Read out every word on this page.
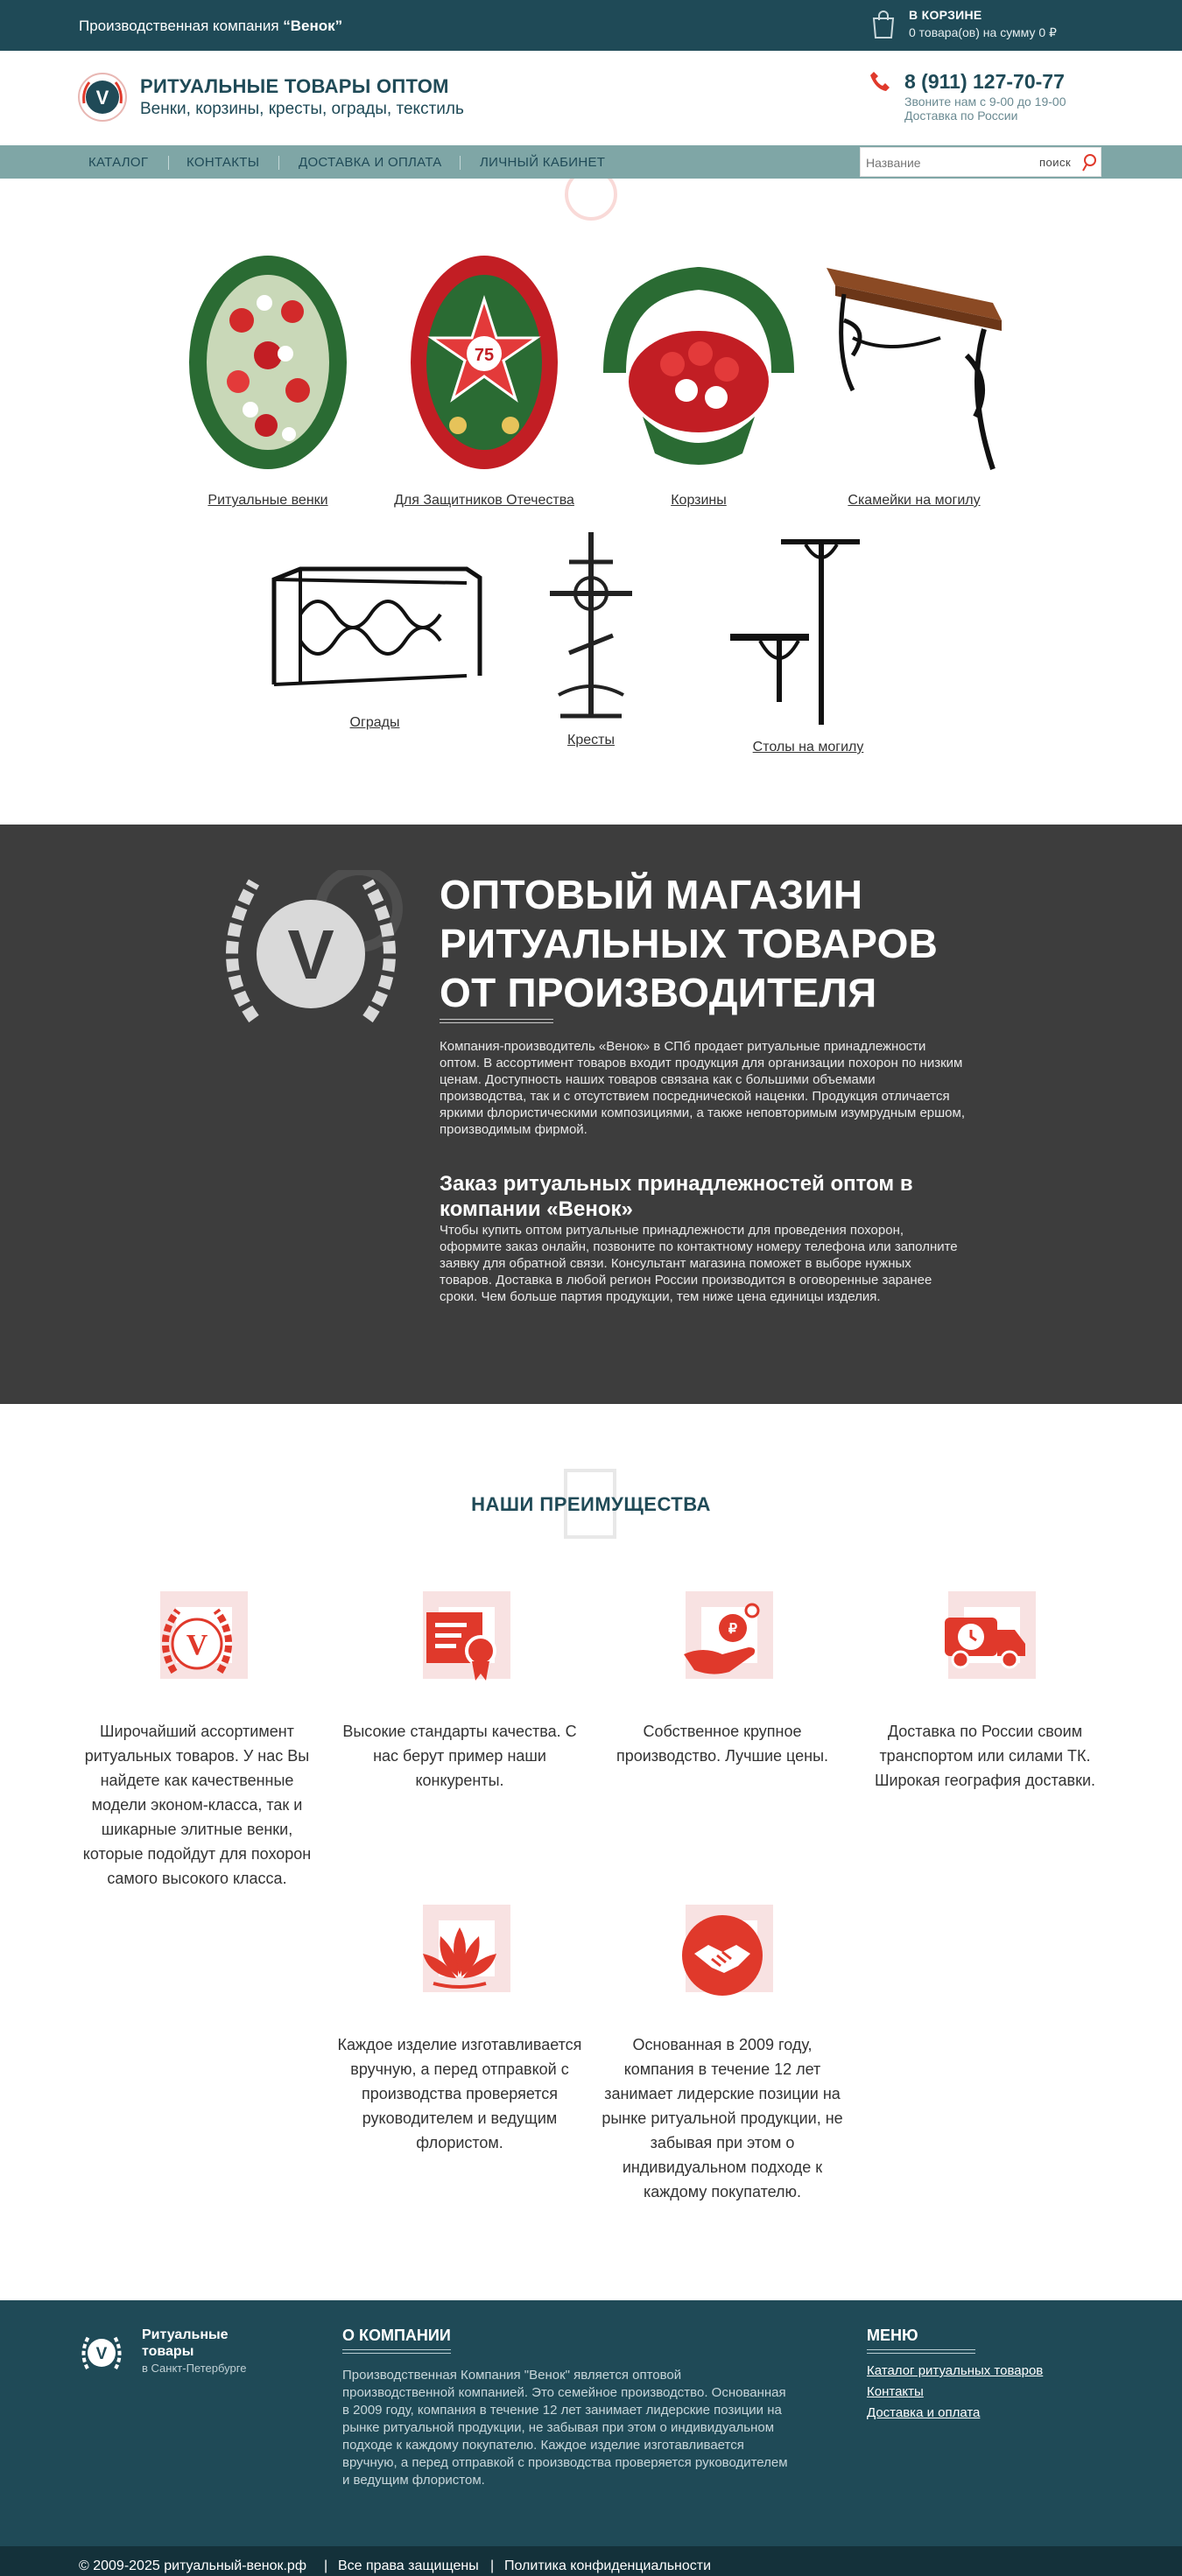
Производственная компания “Венок”
В КОРЗИНЕ
0 товара(ов) на сумму 0 ₽
V
РИТУАЛЬНЫЕ ТОВАРЫ ОПТОМ
Венки, корзины, кресты, ограды, текстиль
8 (911) 127-70-77
Звоните нам с 9-00 до 19-00
Доставка по России
КАТАЛОГ	КОНТАКТЫ	ДОСТАВКА И ОПЛАТА	ЛИЧНЫЙ КАБИНЕТ
Название	поиск
Ритуальные венки
75
Для Защитников Отечества	Корзины	Скамейки на могилу
Ограды
Кресты	Столы на могилу
V
ОПТОВЫЙ МАГАЗИН
РИТУАЛЬНЫХ ТОВАРОВ
ОТ ПРОИЗВОДИТЕЛЯ
Компания-производитель «Венок» в СПб продает ритуальные принадлежности оптом. В ассортимент товаров входит продукция для организации похорон по низким ценам. Доступность наших товаров связана как с большими объемами производства, так и с отсутствием посреднической наценки. Продукция отличается яркими флористическими композициями, а также неповторимым изумрудным ершом, производимым фирмой.
Заказ ритуальных принадлежностей оптом в компании «Венок»
Чтобы купить оптом ритуальные принадлежности для проведения похорон, оформите заказ онлайн, позвоните по контактному номеру телефона или заполните заявку для обратной связи. Консультант магазина поможет в выборе нужных товаров. Доставка в любой регион России производится в оговоренные заранее сроки. Чем больше партия продукции, тем ниже цена единицы изделия.
НАШИ ПРЕИМУЩЕСТВА
V
Широчайший ассортимент ритуальных товаров. У нас Вы найдете как качественные модели эконом-класса, так и шикарные элитные венки, которые подойдут для похорон самого высокого класса.
Высокие стандарты качества. С нас берут пример наши конкуренты.
₽
Собственное крупное производство. Лучшие цены.
Доставка по России своим транспортом или силами ТК. Широкая география доставки.
Каждое изделие изготавливается вручную, а перед отправкой с производства проверяется руководителем и ведущим флористом.
Основанная в 2009 году, компания в течение 12 лет занимает лидерские позиции на рынке ритуальной продукции, не забывая при этом о индивидуальном подходе к каждому покупателю.
V
Ритуальные товары
в Санкт-Петербурге
О КОМПАНИИ
Производственная Компания "Венок" является оптовой производственной компанией. Это семейное производство. Основанная в 2009 году, компания в течение 12 лет занимает лидерские позиции на рынке ритуальной продукции, не забывая при этом о индивидуальном подходе к каждому покупателю. Каждое изделие изготавливается вручную, а перед отправкой с производства проверяется руководителем и ведущим флористом.
МЕНЮ
Каталог ритуальных товаров
Контакты
Доставка и оплата
© 2009-2025 ритуальный-венок.рф | Все права защищены | Политика конфиденциальности
